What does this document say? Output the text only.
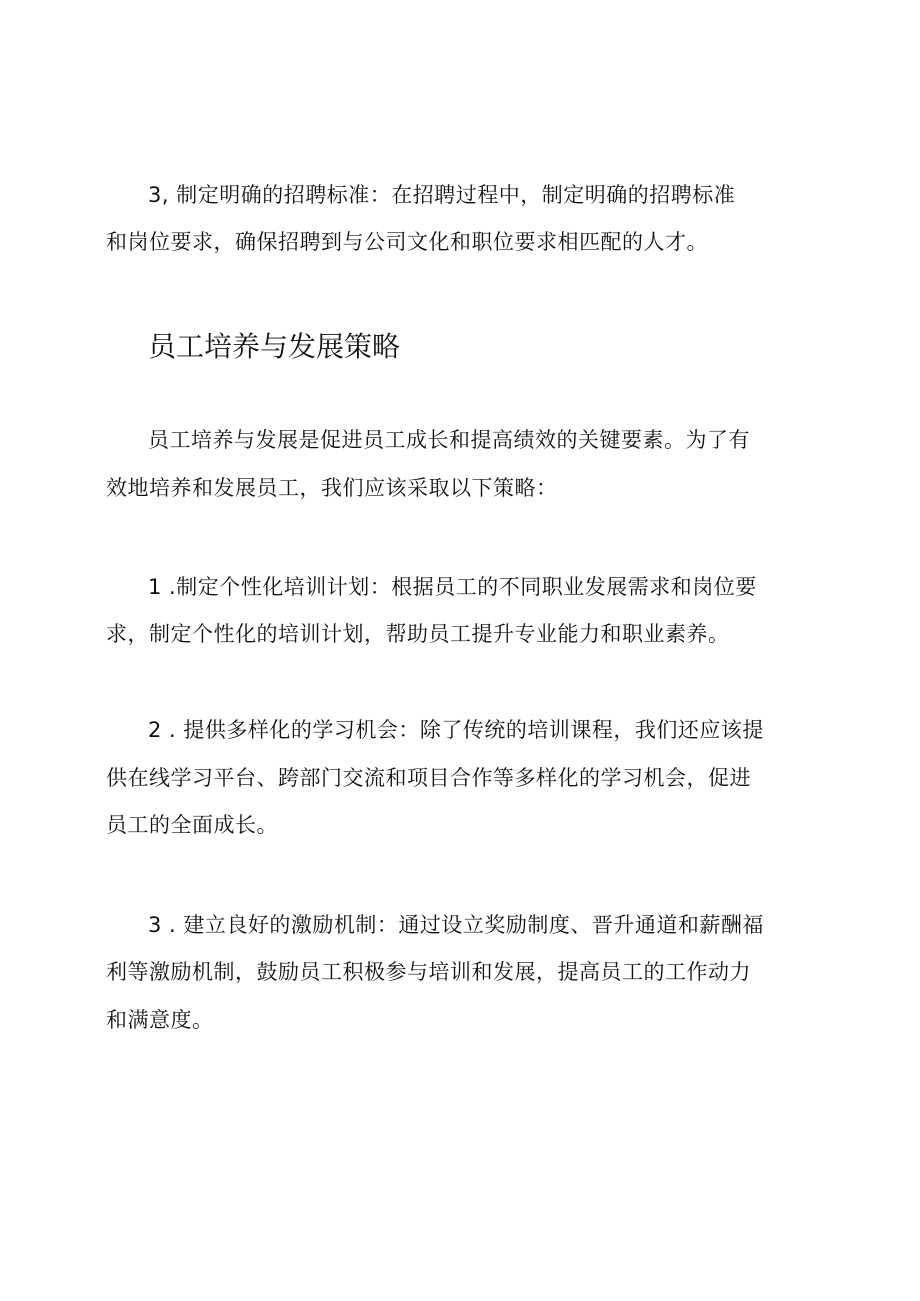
3, 制定明确的招聘标准：在招聘过程中，制定明确的招聘标准
和岗位要求，确保招聘到与公司文化和职位要求相匹配的人才。
员工培养与发展策略
员工培养与发展是促进员工成长和提高绩效的关键要素。为了有
效地培养和发展员工，我们应该采取以下策略：
1 .制定个性化培训计划：根据员工的不同职业发展需求和岗位要
求，制定个性化的培训计划，帮助员工提升专业能力和职业素养。
2 . 提供多样化的学习机会：除了传统的培训课程，我们还应该提
供在线学习平台、跨部门交流和项目合作等多样化的学习机会，促进
员工的全面成长。
3 . 建立良好的激励机制：通过设立奖励制度、晋升通道和薪酬福
利等激励机制，鼓励员工积极参与培训和发展，提高员工的工作动力
和满意度。
